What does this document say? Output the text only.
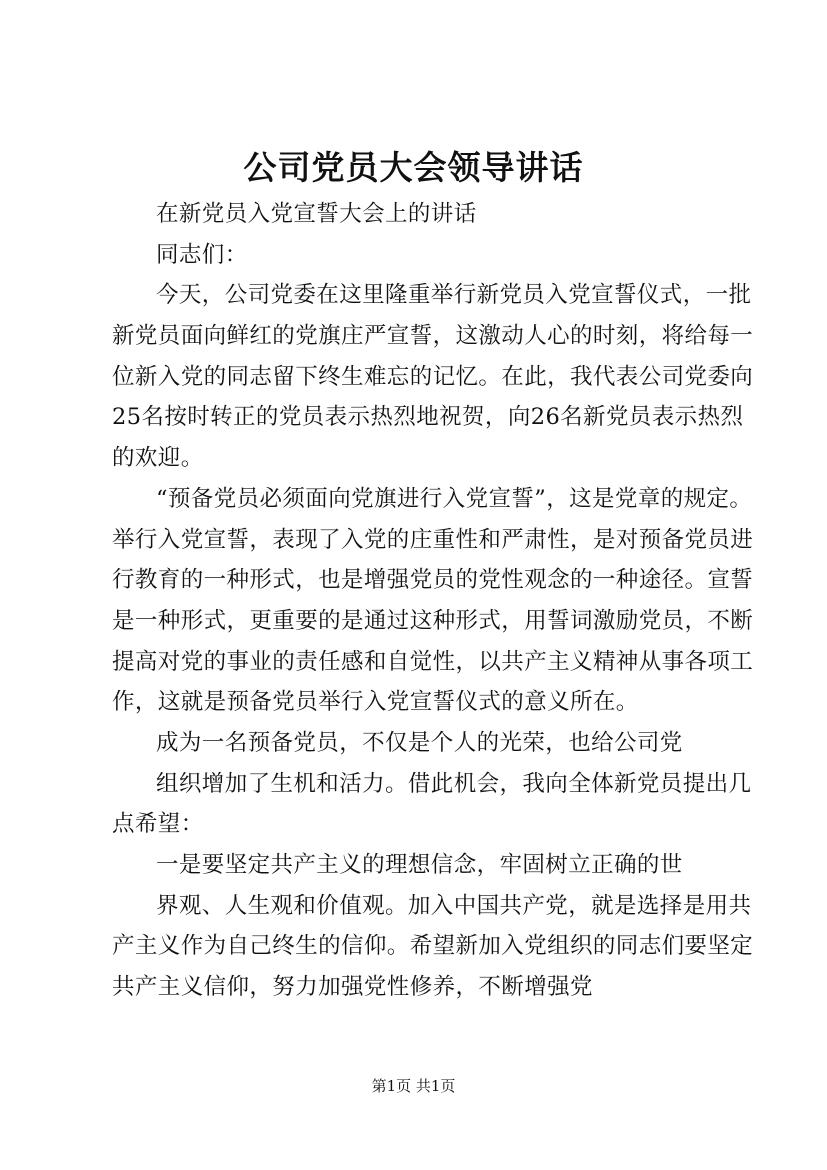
公司党员大会领导讲话
在新党员入党宣誓大会上的讲话
同志们：
今天，公司党委在这里隆重举行新党员入党宣誓仪式，一批
新党员面向鲜红的党旗庄严宣誓，这激动人心的时刻，将给每一
位新入党的同志留下终生难忘的记忆。在此，我代表公司党委向
25名按时转正的党员表示热烈地祝贺，向26名新党员表示热烈
的欢迎。
“预备党员必须面向党旗进行入党宣誓”，这是党章的规定。
举行入党宣誓，表现了入党的庄重性和严肃性，是对预备党员进
行教育的一种形式，也是增强党员的党性观念的一种途径。宣誓
是一种形式，更重要的是通过这种形式，用誓词激励党员，不断
提高对党的事业的责任感和自觉性，以共产主义精神从事各项工
作，这就是预备党员举行入党宣誓仪式的意义所在。
成为一名预备党员，不仅是个人的光荣，也给公司党
组织增加了生机和活力。借此机会，我向全体新党员提出几
点希望：
一是要坚定共产主义的理想信念，牢固树立正确的世
界观、人生观和价值观。加入中国共产党，就是选择是用共
产主义作为自己终生的信仰。希望新加入党组织的同志们要坚定
共产主义信仰，努力加强党性修养，不断增强党
第1页 共1页
